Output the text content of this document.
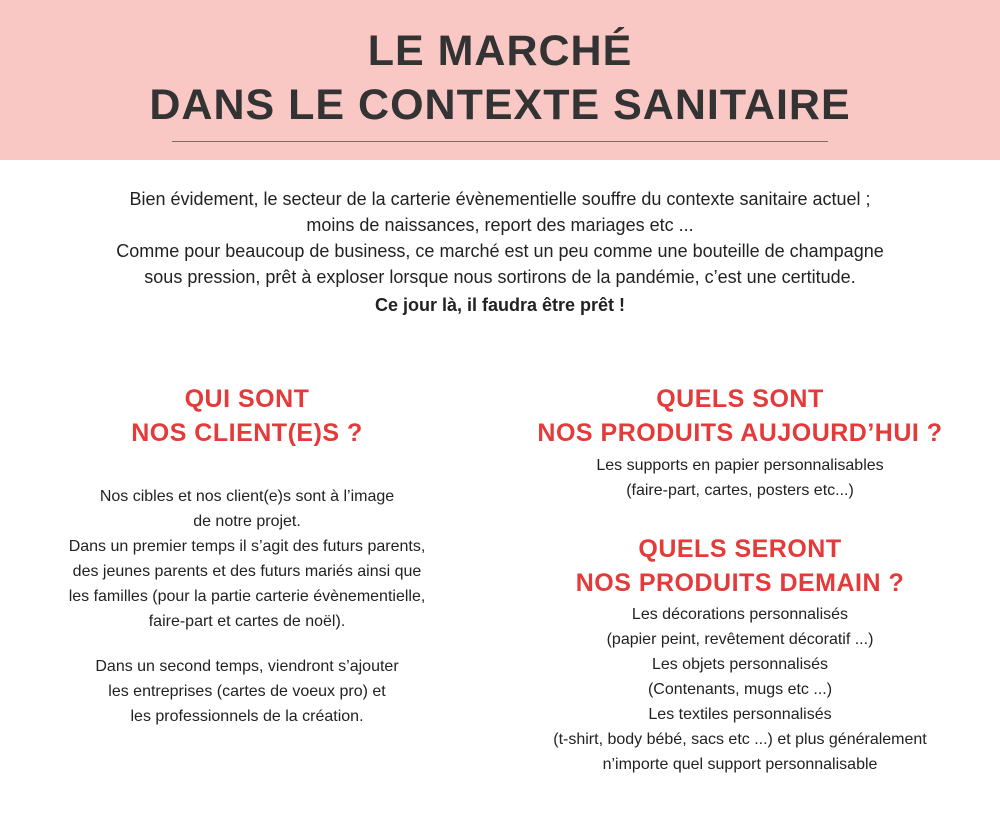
LE MARCHÉ
DANS LE CONTEXTE SANITAIRE
Bien évidement, le secteur de la carterie évènementielle souffre du contexte sanitaire actuel ;
moins de naissances, report des mariages etc ...
Comme pour beaucoup de business, ce marché est un peu comme une bouteille de champagne
sous pression, prêt à exploser lorsque nous sortirons de la pandémie, c’est une certitude.
Ce jour là, il faudra être prêt !
QUI SONT
NOS CLIENT(E)S ?
Nos cibles et nos client(e)s sont à l’image
de notre projet.
Dans un premier temps il s’agit des futurs parents,
des jeunes parents et des futurs mariés ainsi que
les familles (pour la partie carterie évènementielle,
faire-part et cartes de noël).
Dans un second temps, viendront s’ajouter
les entreprises (cartes de voeux pro) et
les professionnels de la création.
QUELS SONT
NOS PRODUITS AUJOURD’HUI ?
Les supports en papier personnalisables
(faire-part, cartes, posters etc...)
QUELS SERONT
NOS PRODUITS DEMAIN ?
Les décorations personnalisés
(papier peint, revêtement décoratif ...)
Les objets personnalisés
(Contenants, mugs etc ...)
Les textiles personnalisés
(t-shirt, body bébé, sacs etc ...) et plus généralement
n’importe quel support personnalisable
